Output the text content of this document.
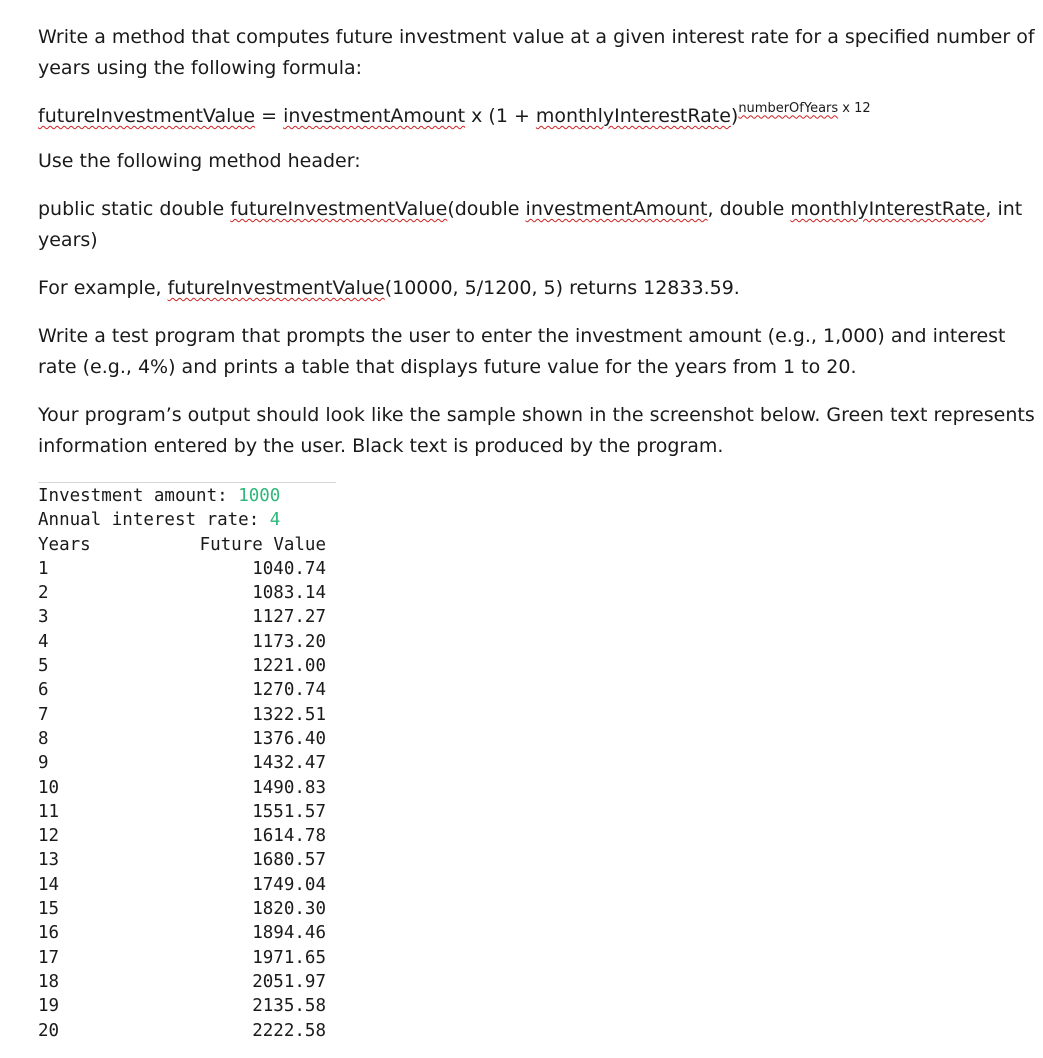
Write a method that computes future investment value at a given interest rate for a specified number of years using the following formula:

futureInvestmentValue = investmentAmount x (1 + monthlyInterestRate)$^{numberOfYears x 12}$

Use the following method header:

public static double futureInvestmentValue(double investmentAmount, double monthlyInterestRate, int years)

For example, futureInvestmentValue(10000, 5/1200, 5) returns 12833.59.

Write a test program that prompts the user to enter the investment amount (e.g., 1,000) and interest rate (e.g., 4%) and prints a table that displays future value for the years from 1 to 20.

Your program’s output should look like the sample shown in the screenshot below. Green text represents information entered by the user. Black text is produced by the program.

Investment amount: 1000
Annual interest rate: 4
Years	Future Value
1	1040.74
2	1083.14
3	1127.27
4	1173.20
5	1221.00
6	1270.74
7	1322.51
8	1376.40
9	1432.47
10	1490.83
11	1551.57
12	1614.78
13	1680.57
14	1749.04
15	1820.30
16	1894.46
17	1971.65
18	2051.97
19	2135.58
20	2222.58
